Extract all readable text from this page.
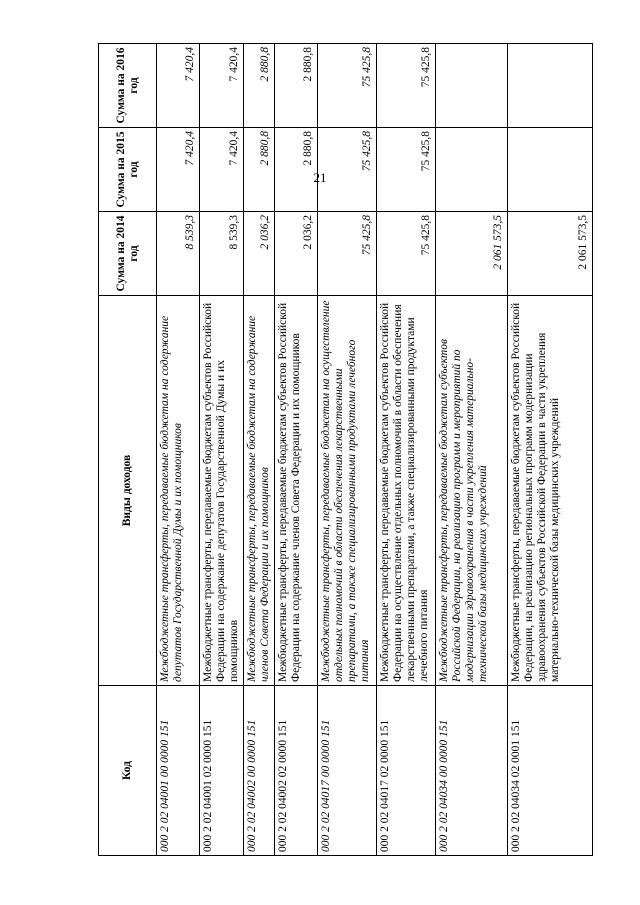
21
Код	Виды доходов	Сумма на 2014 год	Сумма на 2015 год	Сумма на 2016 год
000 2 02 04001 00 0000 151	Межбюджетные трансферты, передаваемые бюджетам на содержание депутатов Государственной Думы и их помощников	8 539,3	7 420,4	7 420,4
000 2 02 04001 02 0000 151	Межбюджетные трансферты, передаваемые бюджетам субъектов Российской Федерации на содержание депутатов Государственной Думы и их помощников	8 539,3	7 420,4	7 420,4
000 2 02 04002 00 0000 151	Межбюджетные трансферты, передаваемые бюджетам на содержание членов Совета Федерации и их помощников	2 036,2	2 880,8	2 880,8
000 2 02 04002 02 0000 151	Межбюджетные трансферты, передаваемые бюджетам субъектов Российской Федерации на содержание членов Совета Федерации и их помощников	2 036,2	2 880,8	2 880,8
000 2 02 04017 00 0000 151	Межбюджетные трансферты, передаваемые бюджетам на осуществление отдельных полномочий в области обеспечения лекарственными препаратами, а также специализированными продуктами лечебного питания	75 425,8	75 425,8	75 425,8
000 2 02 04017 02 0000 151	Межбюджетные трансферты, передаваемые бюджетам субъектов Российской Федерации на осуществление отдельных полномочий в области обеспечения лекарственными препаратами, а также специализированными продуктами лечебного питания	75 425,8	75 425,8	75 425,8
000 2 02 04034 00 0000 151	Межбюджетные трансферты, передаваемые бюджетам субъектов Российской Федерации, на реализацию программ и мероприятий по модернизации здравоохранения в части укрепления материально-технической базы медицинских учреждений	2 061 573,5		
000 2 02 04034 02 0001 151	Межбюджетные трансферты, передаваемые бюджетам субъектов Российской Федерации, на реализацию региональных программ модернизации здравоохранения субъектов Российской Федерации в части укрепления материально-технической базы медицинских учреждений	2 061 573,5		
